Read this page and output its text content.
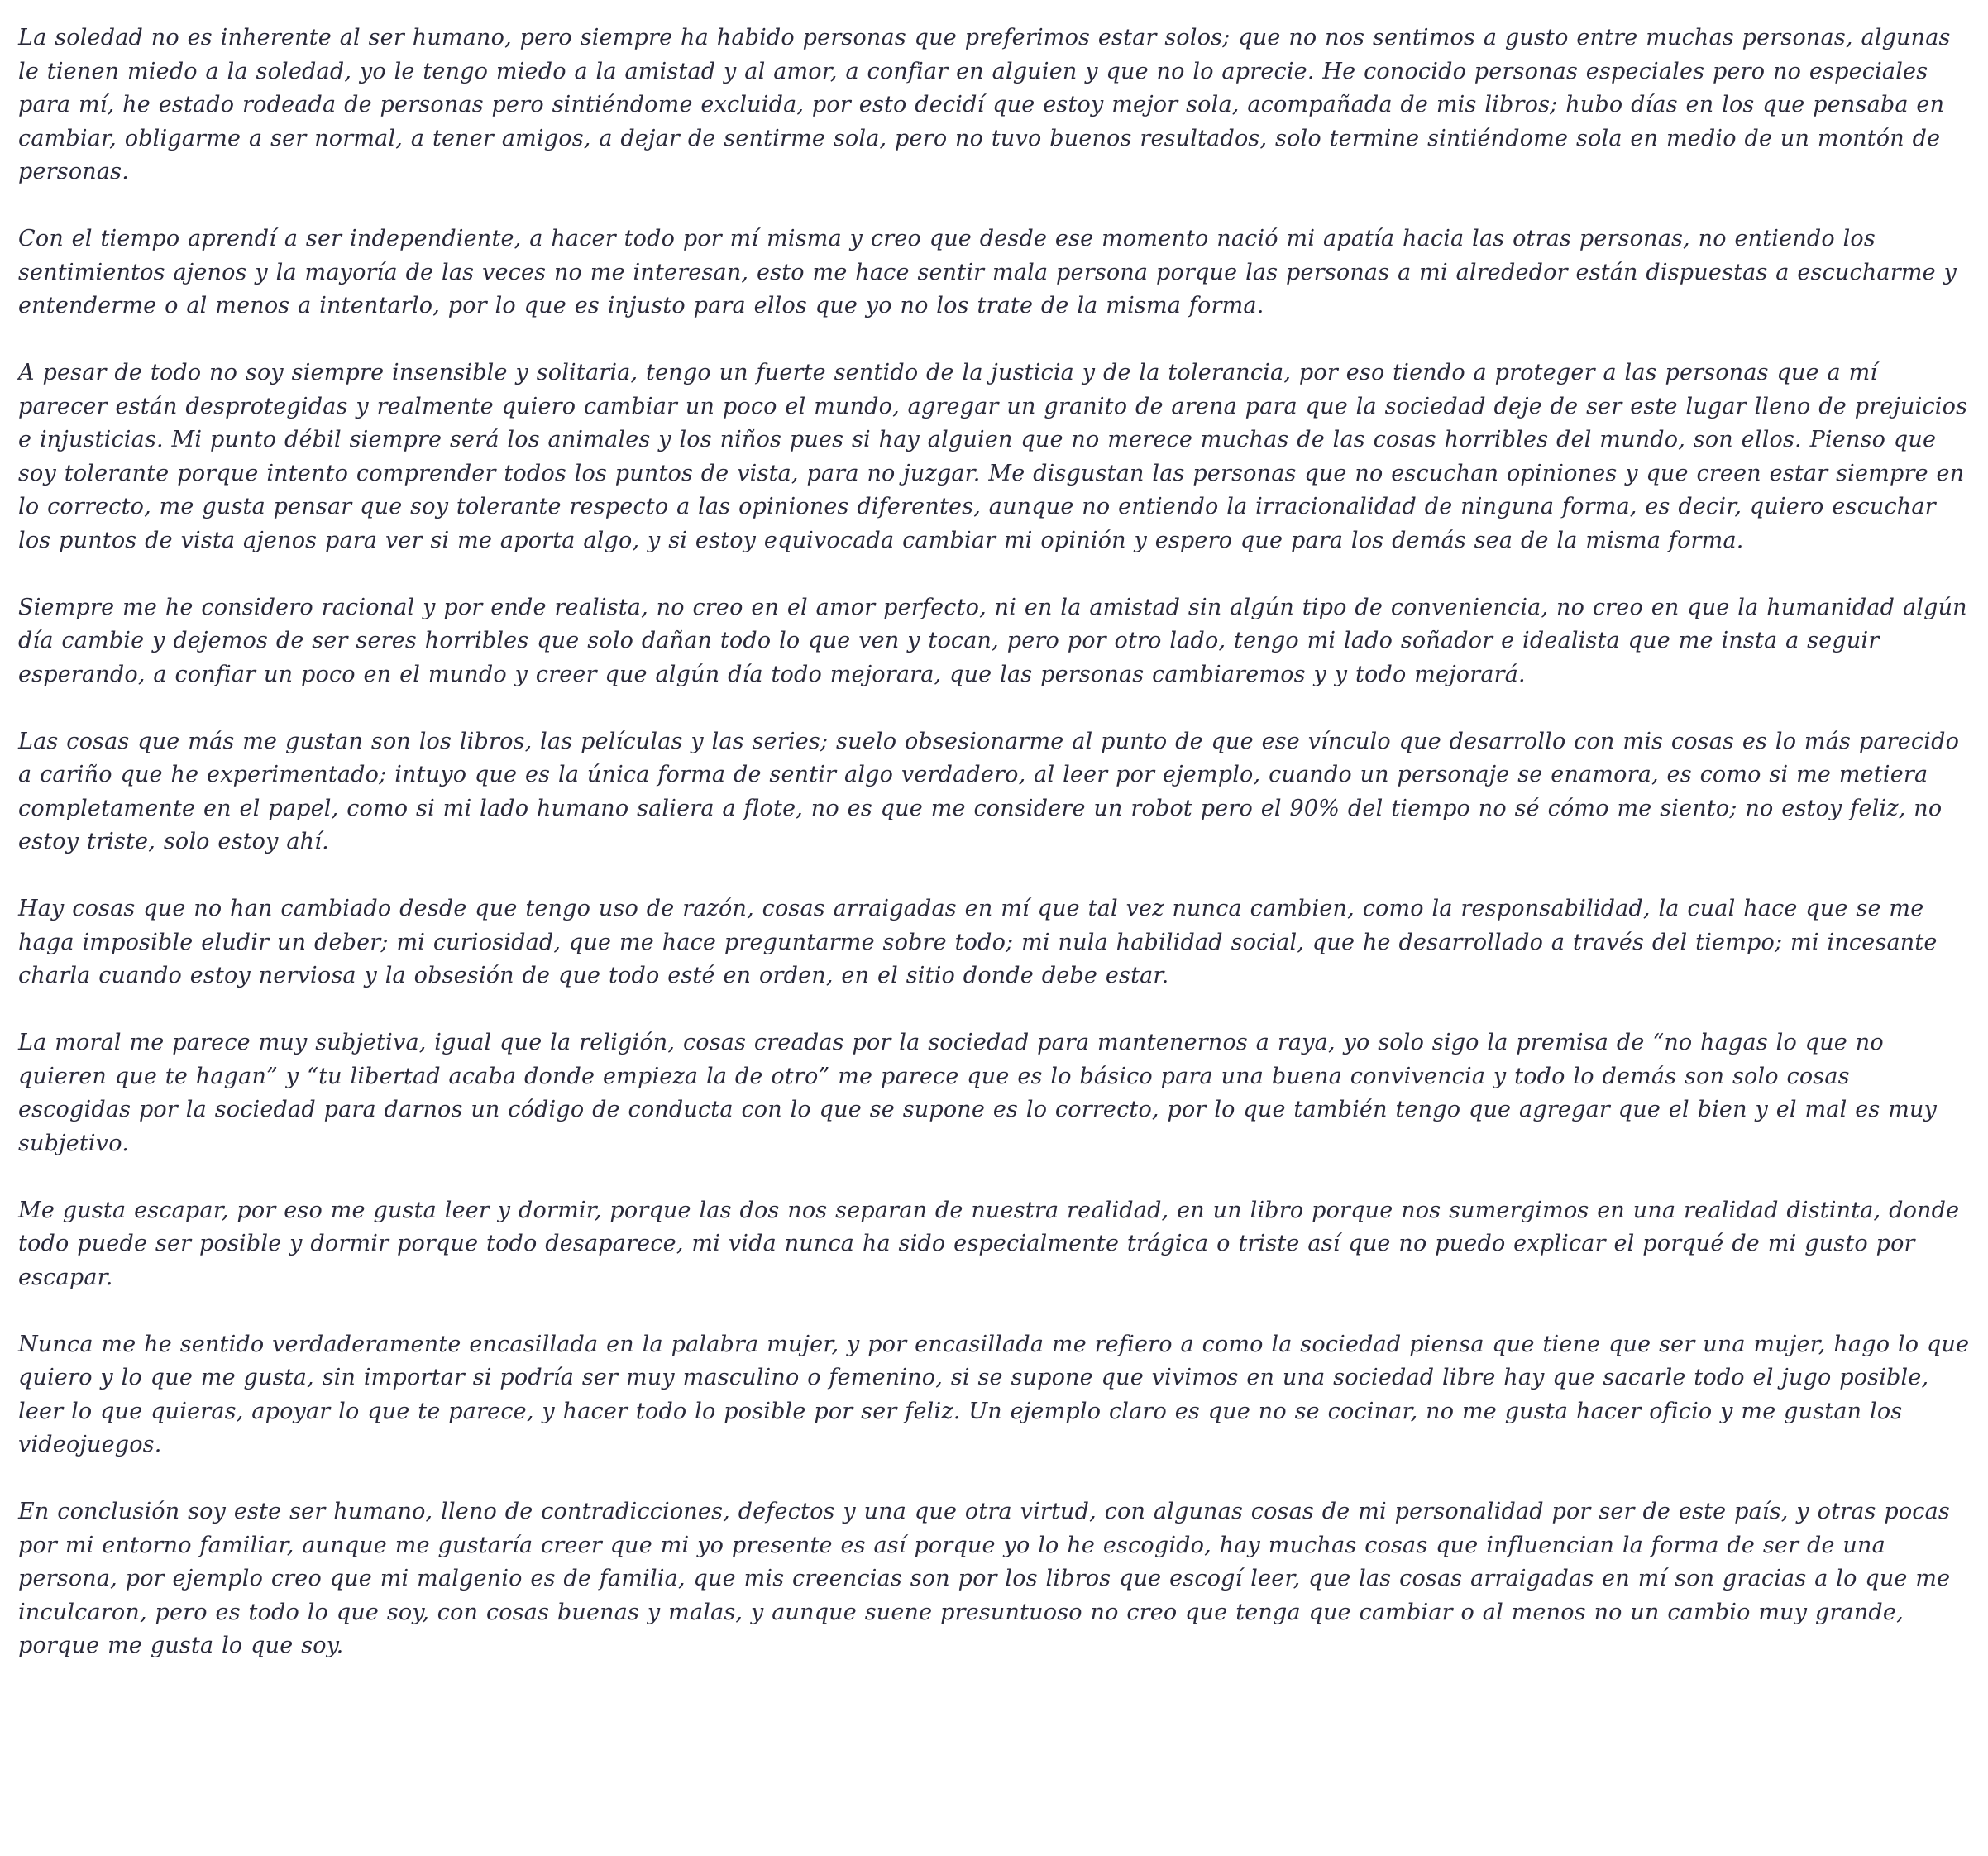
La soledad no es inherente al ser humano, pero siempre ha habido personas que preferimos estar solos; que no nos sentimos a gusto entre muchas personas, algunas le tienen miedo a la soledad, yo le tengo miedo a la amistad y al amor, a confiar en alguien y que no lo aprecie. He conocido personas especiales pero no especiales para mí, he estado rodeada de personas pero sintiéndome excluida, por esto decidí que estoy mejor sola, acompañada de mis libros; hubo días en los que pensaba en cambiar, obligarme a ser normal, a tener amigos, a dejar de sentirme sola, pero no tuvo buenos resultados, solo termine sintiéndome sola en medio de un montón de personas.

Con el tiempo aprendí a ser independiente, a hacer todo por mí misma y creo que desde ese momento nació mi apatía hacia las otras personas, no entiendo los sentimientos ajenos y la mayoría de las veces no me interesan, esto me hace sentir mala persona porque las personas a mi alrededor están dispuestas a escucharme y entenderme o al menos a intentarlo, por lo que es injusto para ellos que yo no los trate de la misma forma.

A pesar de todo no soy siempre insensible y solitaria, tengo un fuerte sentido de la justicia y de la tolerancia, por eso tiendo a proteger a las personas que a mí parecer están desprotegidas y realmente quiero cambiar un poco el mundo, agregar un granito de arena para que la sociedad deje de ser este lugar lleno de prejuicios e injusticias. Mi punto débil siempre será los animales y los niños pues si hay alguien que no merece muchas de las cosas horribles del mundo, son ellos. Pienso que soy tolerante porque intento comprender todos los puntos de vista, para no juzgar. Me disgustan las personas que no escuchan opiniones y que creen estar siempre en lo correcto, me gusta pensar que soy tolerante respecto a las opiniones diferentes, aunque no entiendo la irracionalidad de ninguna forma, es decir, quiero escuchar los puntos de vista ajenos para ver si me aporta algo, y si estoy equivocada cambiar mi opinión y espero que para los demás sea de la misma forma.

Siempre me he considero racional y por ende realista, no creo en el amor perfecto, ni en la amistad sin algún tipo de conveniencia, no creo en que la humanidad algún día cambie y dejemos de ser seres horribles que solo dañan todo lo que ven y tocan, pero por otro lado, tengo mi lado soñador e idealista que me insta a seguir esperando, a confiar un poco en el mundo y creer que algún día todo mejorara, que las personas cambiaremos y y todo mejorará.

Las cosas que más me gustan son los libros, las películas y las series; suelo obsesionarme al punto de que ese vínculo que desarrollo con mis cosas es lo más parecido a cariño que he experimentado; intuyo que es la única forma de sentir algo verdadero, al leer por ejemplo, cuando un personaje se enamora, es como si me metiera completamente en el papel, como si mi lado humano saliera a flote, no es que me considere un robot pero el 90% del tiempo no sé cómo me siento; no estoy feliz, no estoy triste, solo estoy ahí.

Hay cosas que no han cambiado desde que tengo uso de razón, cosas arraigadas en mí que tal vez nunca cambien, como la responsabilidad, la cual hace que se me haga imposible eludir un deber; mi curiosidad, que me hace preguntarme sobre todo; mi nula habilidad social, que he desarrollado a través del tiempo; mi incesante charla cuando estoy nerviosa y la obsesión de que todo esté en orden, en el sitio donde debe estar.

La moral me parece muy subjetiva, igual que la religión, cosas creadas por la sociedad para mantenernos a raya, yo solo sigo la premisa de “no hagas lo que no quieren que te hagan” y “tu libertad acaba donde empieza la de otro” me parece que es lo básico para una buena convivencia y todo lo demás son solo cosas escogidas por la sociedad para darnos un código de conducta con lo que se supone es lo correcto, por lo que también tengo que agregar que el bien y el mal es muy subjetivo.

Me gusta escapar, por eso me gusta leer y dormir, porque las dos nos separan de nuestra realidad, en un libro porque nos sumergimos en una realidad distinta, donde todo puede ser posible y dormir porque todo desaparece, mi vida nunca ha sido especialmente trágica o triste así que no puedo explicar el porqué de mi gusto por escapar.

Nunca me he sentido verdaderamente encasillada en la palabra mujer, y por encasillada me refiero a como la sociedad piensa que tiene que ser una mujer, hago lo que quiero y lo que me gusta, sin importar si podría ser muy masculino o femenino, si se supone que vivimos en una sociedad libre hay que sacarle todo el jugo posible, leer lo que quieras, apoyar lo que te parece, y hacer todo lo posible por ser feliz. Un ejemplo claro es que no se cocinar, no me gusta hacer oficio y me gustan los videojuegos.

En conclusión soy este ser humano, lleno de contradicciones, defectos y una que otra virtud, con algunas cosas de mi personalidad por ser de este país, y otras pocas por mi entorno familiar, aunque me gustaría creer que mi yo presente es así porque yo lo he escogido, hay muchas cosas que influencian la forma de ser de una persona, por ejemplo creo que mi malgenio es de familia, que mis creencias son por los libros que escogí leer, que las cosas arraigadas en mí son gracias a lo que me inculcaron, pero es todo lo que soy, con cosas buenas y malas, y aunque suene presuntuoso no creo que tenga que cambiar o al menos no un cambio muy grande, porque me gusta lo que soy.
